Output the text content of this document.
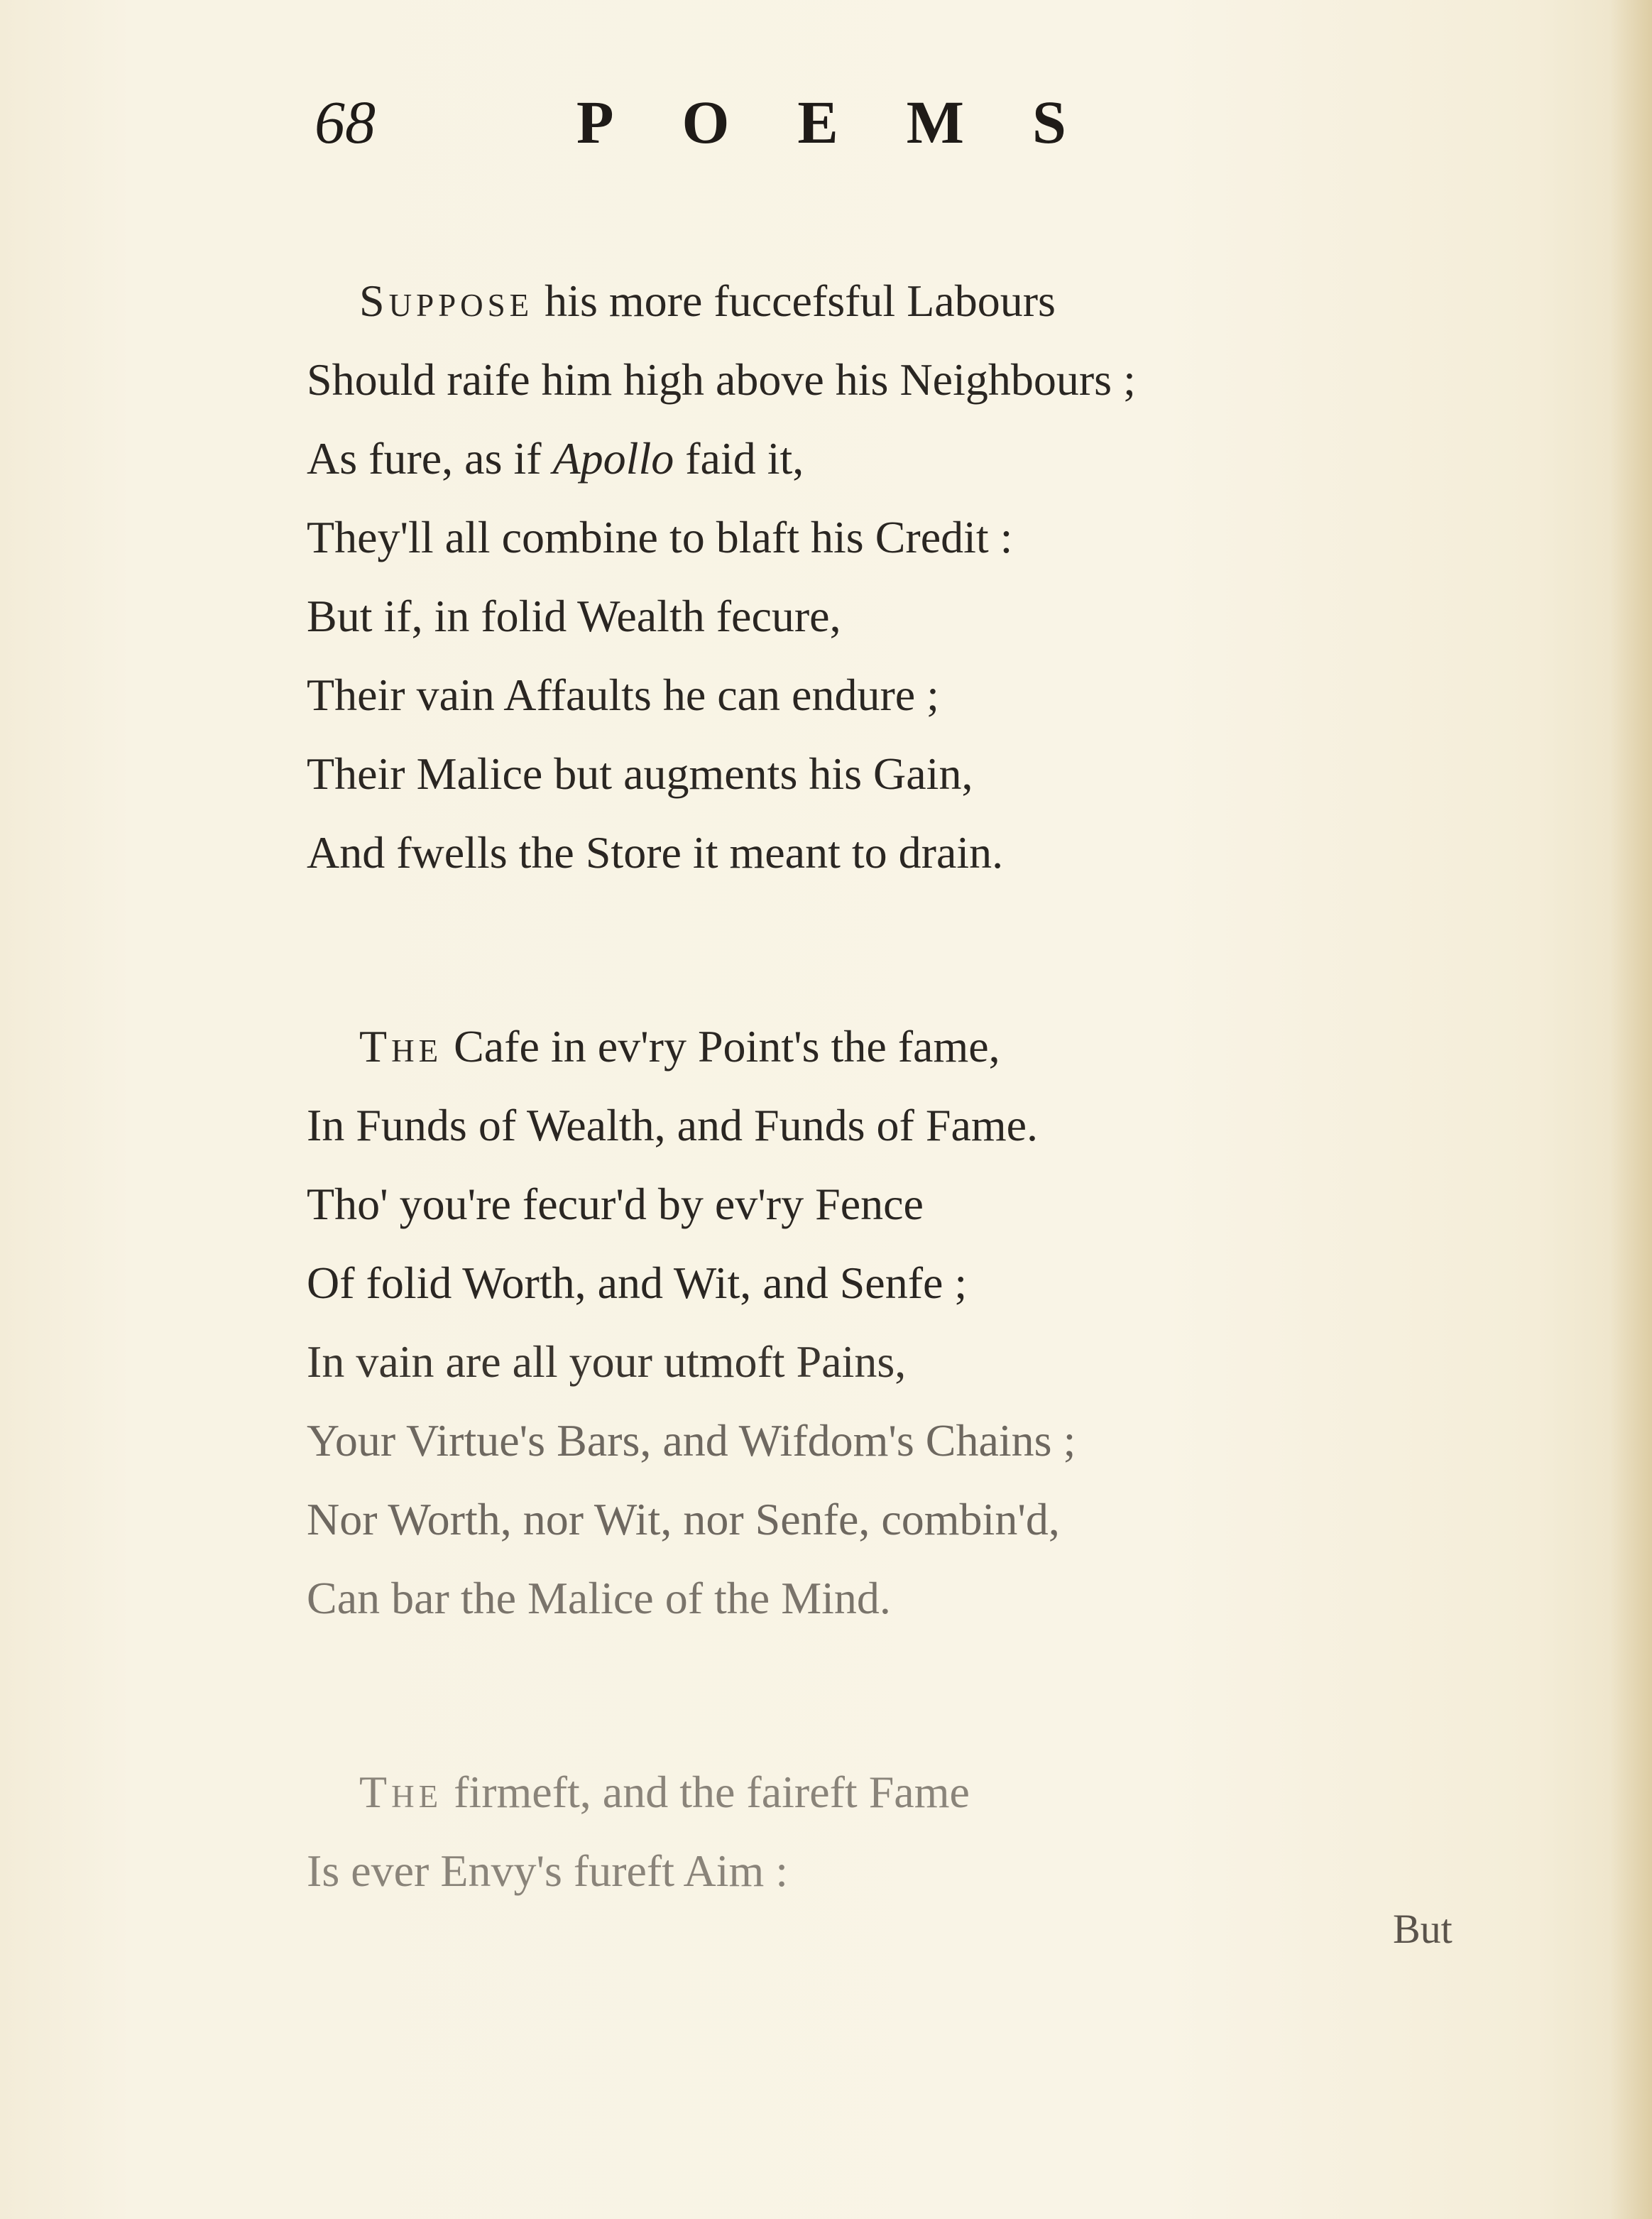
68	POEMS
Suppose his more fuccefsful Labours
Should raife him high above his Neighbours ;
As fure, as if Apollo faid it,
They'll all combine to blaft his Credit :
But if, in folid Wealth fecure,
Their vain Affaults he can endure ;
Their Malice but augments his Gain,
And fwells the Store it meant to drain.
The Cafe in ev'ry Point's the fame,
In Funds of Wealth, and Funds of Fame.
Tho' you're fecur'd by ev'ry Fence
Of folid Worth, and Wit, and Senfe ;
In vain are all your utmoft Pains,
Your Virtue's Bars, and Wifdom's Chains ;
Nor Worth, nor Wit, nor Senfe, combin'd,
Can bar the Malice of the Mind.
The firmeft, and the faireft Fame
Is ever Envy's fureft Aim :
But
